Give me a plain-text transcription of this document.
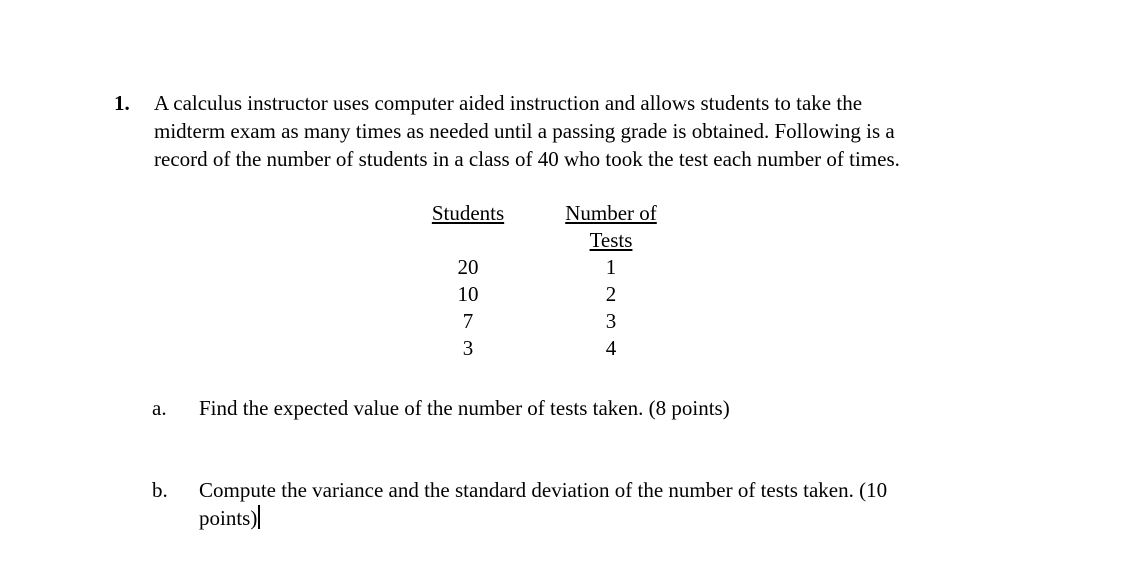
1. A calculus instructor uses computer aided instruction and allows students to take the
midterm exam as many times as needed until a passing grade is obtained. Following is a
record of the number of students in a class of 40 who took the test each number of times.
Students
20
10
7
3
Number of
Tests
1
2
3
4
a. Find the expected value of the number of tests taken. (8 points)
b. Compute the variance and the standard deviation of the number of tests taken. (10
points)
